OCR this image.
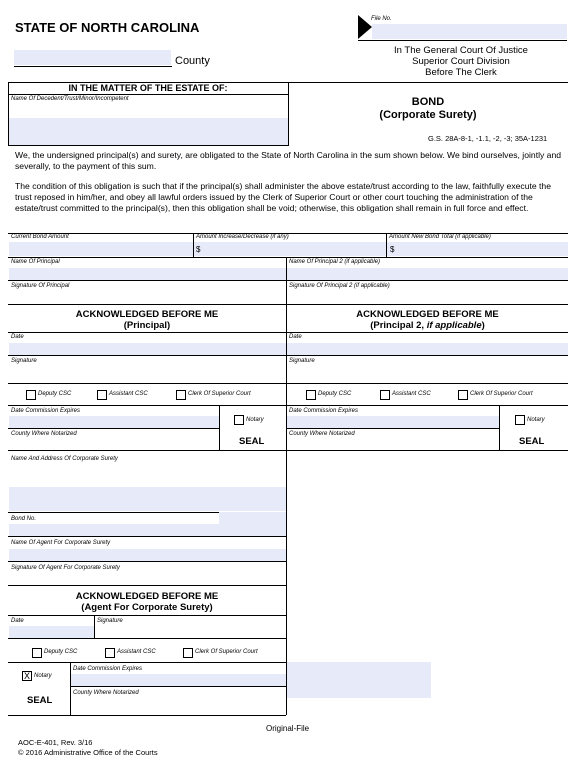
STATE OF NORTH CAROLINA
County
File No.
In The General Court Of Justice
Superior Court Division
Before The Clerk
IN THE MATTER OF THE ESTATE OF:
Name Of Decedent/Trust/Minor/Incompetent	BOND
(Corporate Surety)
G.S. 28A-8-1, -1.1, -2, -3; 35A-1231
We, the undersigned principal(s) and surety, are obligated to the State of North Carolina in the sum shown below. We bind ourselves, jointly and severally, to the payment of this sum.
The condition of this obligation is such that if the principal(s) shall administer the above estate/trust according to the law, faithfully execute the trust reposed in him/her, and obey all lawful orders issued by the Clerk of Superior Court or other court touching the administration of the estate/trust committed to the principal(s), then this obligation shall be void; otherwise, this obligation shall remain in full force and effect.
Current Bond Amount	Amount Increase/Decrease (if any)	Amount New Bond Total (if applicable)
$	$
Name Of Principal	Name Of Principal 2 (if applicable)
Signature Of Principal	Signature Of Principal 2 (if applicable)
ACKNOWLEDGED BEFORE ME
(Principal)
Date
Signature
Deputy CSC	Assistant CSC	Clerk Of Superior Court
Date Commission Expires
Notary
County Where Notarized
SEAL
ACKNOWLEDGED BEFORE ME
(Principal 2, if applicable)
Date
Signature
Deputy CSC	Assistant CSC	Clerk Of Superior Court
Date Commission Expires
Notary
County Where Notarized
SEAL
Name And Address Of Corporate Surety
Bond No.
Name Of Agent For Corporate Surety
Signature Of Agent For Corporate Surety
ACKNOWLEDGED BEFORE ME
(Agent For Corporate Surety)
Date	Signature
Deputy CSC	Assistant CSC	Clerk Of Superior Court
X Notary
Date Commission Expires
County Where Notarized
SEAL
Original-File
AOC-E-401, Rev. 3/16
© 2016 Administrative Office of the Courts
